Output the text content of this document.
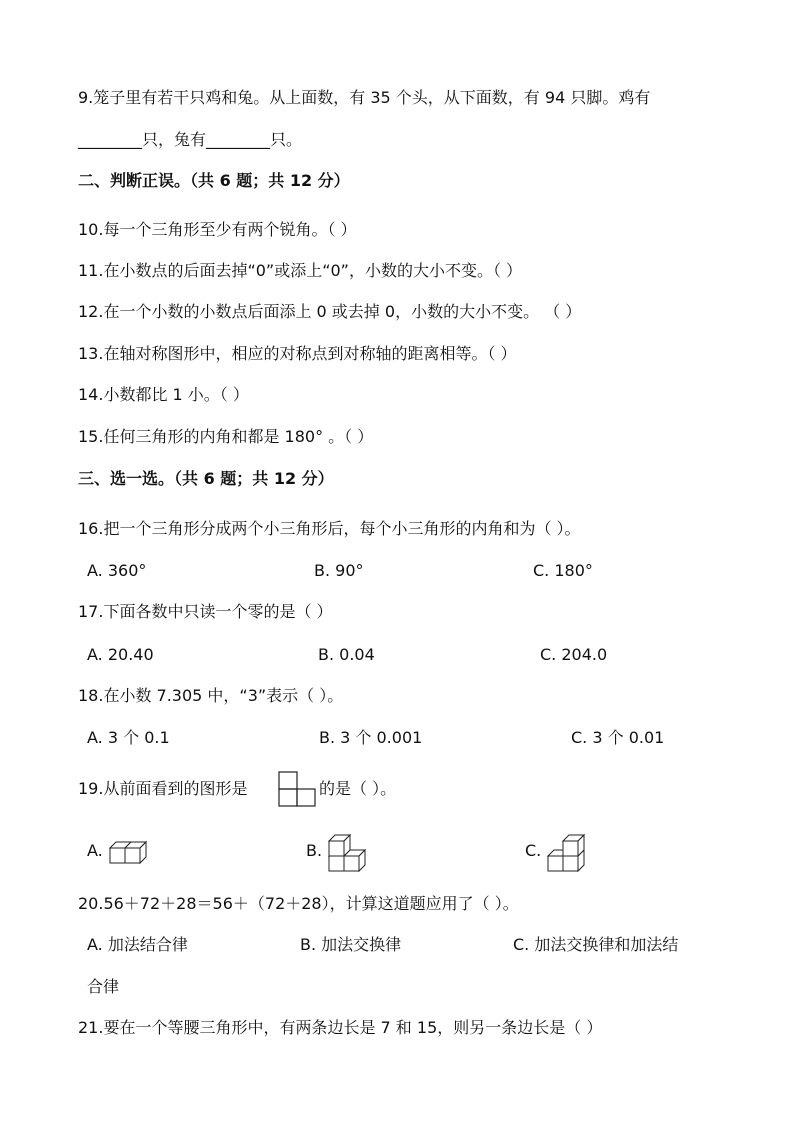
9.笼子里有若干只鸡和兔。从上面数，有 35 个头，从下面数，有 94 只脚。鸡有
________只，兔有________只。
二、判断正误。（共 6 题；共 12 分）
10.每一个三角形至少有两个锐角。（ ）
11.在小数点的后面去掉“0”或添上“0”，小数的大小不变。（ ）
12.在一个小数的小数点后面添上 0 或去掉 0，小数的大小不变。 （ ）
13.在轴对称图形中，相应的对称点到对称轴的距离相等。（ ）
14.小数都比 1 小。（ ）
15.任何三角形的内角和都是 180° 。（ ）
三、选一选。（共 6 题；共 12 分）
16.把一个三角形分成两个小三角形后，每个小三角形的内角和为（ ）。
A. 360°	B. 90°	C. 180°
17.下面各数中只读一个零的是（ ）
A. 20.40	B. 0.04	C. 204.0
18.在小数 7.305 中，“3”表示（ ）。
A. 3 个 0.1	B. 3 个 0.001	C. 3 个 0.01
19.从前面看到的图形是	的是（ ）。
A.	B.	C.
20.56＋72＋28＝56＋（72＋28），计算这道题应用了（ ）。
A. 加法结合律	B. 加法交换律	C. 加法交换律和加法结
合律
21.要在一个等腰三角形中，有两条边长是 7 和 15，则另一条边长是（ ）
